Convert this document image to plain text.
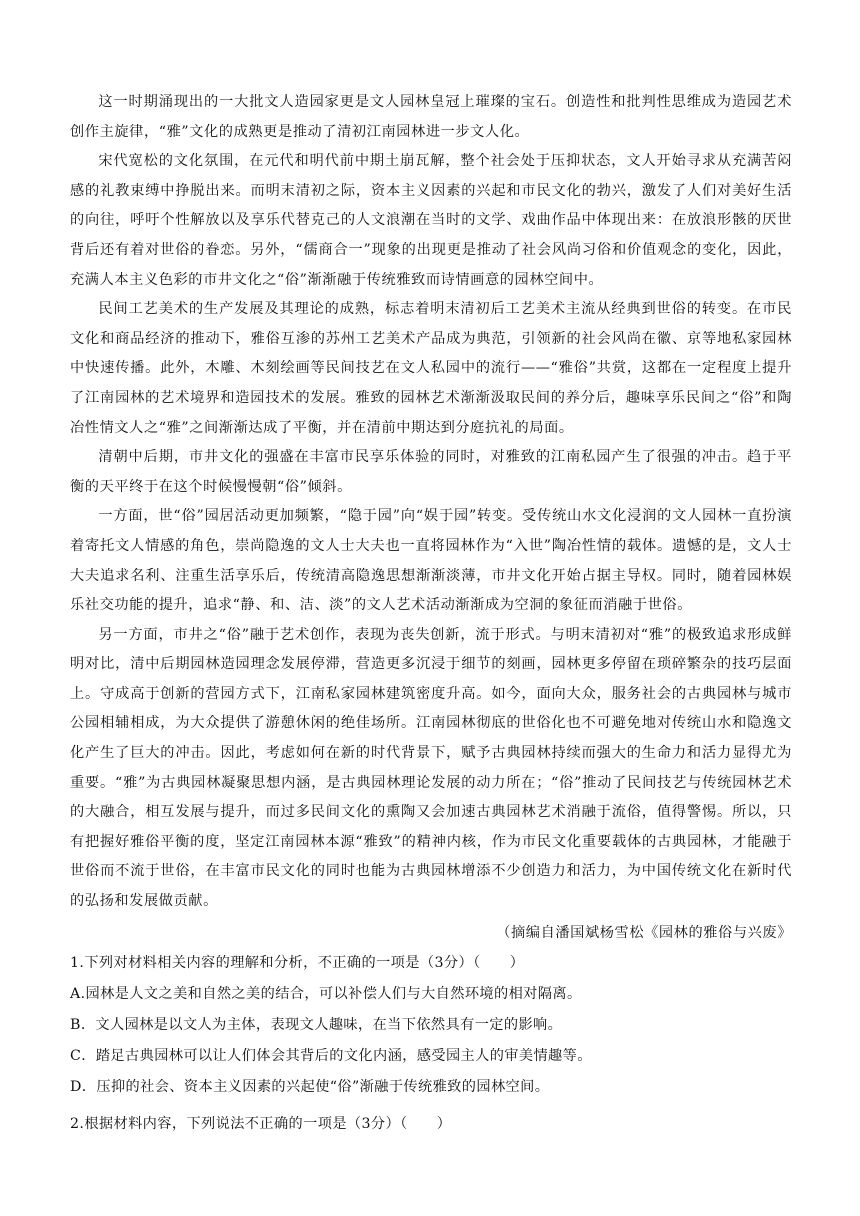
这一时期涌现出的一大批文人造园家更是文人园林皇冠上璀璨的宝石。创造性和批判性思维成为造园艺术创作主旋律，“雅”文化的成熟更是推动了清初江南园林进一步文人化。

宋代宽松的文化氛围，在元代和明代前中期土崩瓦解，整个社会处于压抑状态，文人开始寻求从充满苦闷感的礼教束缚中挣脱出来。而明末清初之际，资本主义因素的兴起和市民文化的勃兴，激发了人们对美好生活的向往，呼吁个性解放以及享乐代替克己的人文浪潮在当时的文学、戏曲作品中体现出来：在放浪形骸的厌世背后还有着对世俗的眷恋。另外，“儒商合一”现象的出现更是推动了社会风尚习俗和价值观念的变化，因此，充满人本主义色彩的市井文化之“俗”渐渐融于传统雅致而诗情画意的园林空间中。

民间工艺美术的生产发展及其理论的成熟，标志着明末清初后工艺美术主流从经典到世俗的转变。在市民文化和商品经济的推动下，雅俗互渗的苏州工艺美术产品成为典范，引领新的社会风尚在徽、京等地私家园林中快速传播。此外，木雕、木刻绘画等民间技艺在文人私园中的流行——“雅俗”共赏，这都在一定程度上提升了江南园林的艺术境界和造园技术的发展。雅致的园林艺术渐渐汲取民间的养分后，趣味享乐民间之“俗”和陶冶性情文人之“雅”之间渐渐达成了平衡，并在清前中期达到分庭抗礼的局面。

清朝中后期，市井文化的强盛在丰富市民享乐体验的同时，对雅致的江南私园产生了很强的冲击。趋于平衡的天平终于在这个时候慢慢朝“俗”倾斜。

一方面，世“俗”园居活动更加频繁，“隐于园”向“娱于园”转变。受传统山水文化浸润的文人园林一直扮演着寄托文人情感的角色，崇尚隐逸的文人士大夫也一直将园林作为“入世”陶冶性情的载体。遗憾的是，文人士大夫追求名利、注重生活享乐后，传统清高隐逸思想渐渐淡薄，市井文化开始占据主导权。同时，随着园林娱乐社交功能的提升，追求“静、和、洁、淡”的文人艺术活动渐渐成为空洞的象征而消融于世俗。

另一方面，市井之“俗”融于艺术创作，表现为丧失创新，流于形式。与明末清初对“雅”的极致追求形成鲜明对比，清中后期园林造园理念发展停滞，营造更多沉浸于细节的刻画，园林更多停留在琐碎繁杂的技巧层面上。守成高于创新的营园方式下，江南私家园林建筑密度升高。如今，面向大众，服务社会的古典园林与城市公园相辅相成，为大众提供了游憩休闲的绝佳场所。江南园林彻底的世俗化也不可避免地对传统山水和隐逸文化产生了巨大的冲击。因此，考虑如何在新的时代背景下，赋予古典园林持续而强大的生命力和活力显得尤为重要。“雅”为古典园林凝聚思想内涵，是古典园林理论发展的动力所在；“俗”推动了民间技艺与传统园林艺术的大融合，相互发展与提升，而过多民间文化的熏陶又会加速古典园林艺术消融于流俗，值得警惕。所以，只有把握好雅俗平衡的度，坚定江南园林本源“雅致”的精神内核，作为市民文化重要载体的古典园林，才能融于世俗而不流于世俗，在丰富市民文化的同时也能为古典园林增添不少创造力和活力，为中国传统文化在新时代的弘扬和发展做贡献。

（摘编自潘国斌杨雪松《园林的雅俗与兴废》

1.下列对材料相关内容的理解和分析，不正确的一项是（3分）（　　）

A.园林是人文之美和自然之美的结合，可以补偿人们与大自然环境的相对隔离。

B．文人园林是以文人为主体，表现文人趣味，在当下依然具有一定的影响。

C．踏足古典园林可以让人们体会其背后的文化内涵，感受园主人的审美情趣等。

D．压抑的社会、资本主义因素的兴起使“俗”渐融于传统雅致的园林空间。

2.根据材料内容，下列说法不正确的一项是（3分）（　　）
